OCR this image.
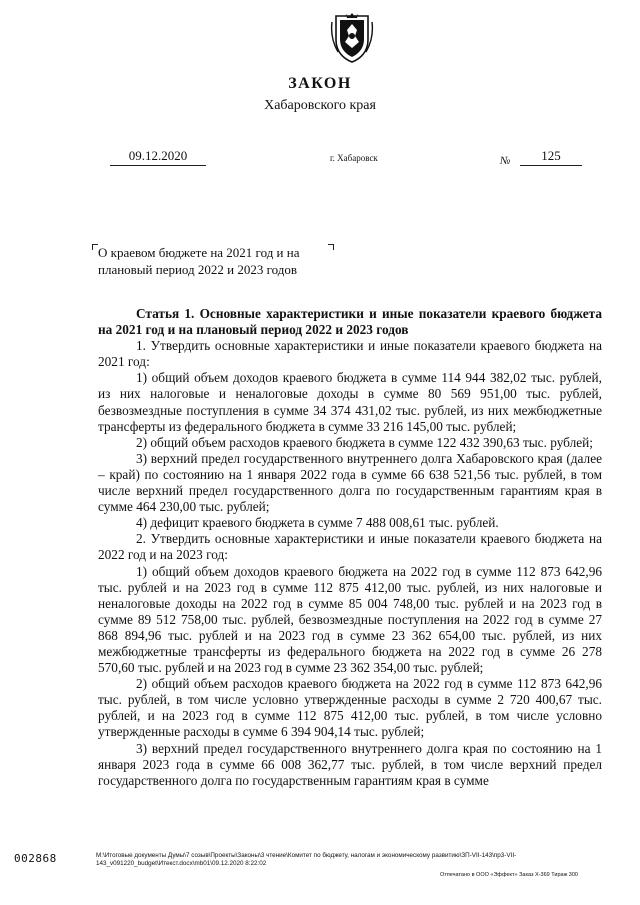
ЗАКОН
Хабаровского края
09.12.2020	г. Хабаровск	№	125
О краевом бюджете на 2021 год и на
плановый период 2022 и 2023 годов

Статья 1. Основные характеристики и иные показатели краевого бюджета на 2021 год и на плановый период 2022 и 2023 годов

1. Утвердить основные характеристики и иные показатели краевого бюджета на 2021 год:

1) общий объем доходов краевого бюджета в сумме 114 944 382,02 тыс. рублей, из них налоговые и неналоговые доходы в сумме 80 569 951,00 тыс. рублей, безвозмездные поступления в сумме 34 374 431,02 тыс. рублей, из них межбюджетные трансферты из федерального бюджета в сумме 33 216 145,00 тыс. рублей;

2) общий объем расходов краевого бюджета в сумме 122 432 390,63 тыс. рублей;

3) верхний предел государственного внутреннего долга Хабаровского края (далее – край) по состоянию на 1 января 2022 года в сумме 66 638 521,56 тыс. рублей, в том числе верхний предел государственного долга по государственным гарантиям края в сумме 464 230,00 тыс. рублей;

4) дефицит краевого бюджета в сумме 7 488 008,61 тыс. рублей.

2. Утвердить основные характеристики и иные показатели краевого бюджета на 2022 год и на 2023 год:

1) общий объем доходов краевого бюджета на 2022 год в сумме 112 873 642,96 тыс. рублей и на 2023 год в сумме 112 875 412,00 тыс. рублей, из них налоговые и неналоговые доходы на 2022 год в сумме 85 004 748,00 тыс. рублей и на 2023 год в сумме 89 512 758,00 тыс. рублей, безвозмездные поступления на 2022 год в сумме 27 868 894,96 тыс. рублей и на 2023 год в сумме 23 362 654,00 тыс. рублей, из них межбюджетные трансферты из федерального бюджета на 2022 год в сумме 26 278 570,60 тыс. рублей и на 2023 год в сумме 23 362 354,00 тыс. рублей;

2) общий объем расходов краевого бюджета на 2022 год в сумме 112 873 642,96 тыс. рублей, в том числе условно утвержденные расходы в сумме 2 720 400,67 тыс. рублей, и на 2023 год в сумме 112 875 412,00 тыс. рублей, в том числе условно утвержденные расходы в сумме 6 394 904,14 тыс. рублей;

3) верхний предел государственного внутреннего долга края по состоянию на 1 января 2023 года в сумме 66 008 362,77 тыс. рублей, в том числе верхний предел государственного долга по государственным гарантиям края в сумме

002868	М:\Итоговые документы Думы\7 созыв\Проекты\Законы\3 чтение\Комитет по бюджету, налогам и экономическому развитию\ЗП-VII-143\пр3-VII-143_v091220_budget\Итекст.docx\mb01\09.12.2020 8:22:02
Отпечатано в ООО «Эффект» Заказ Х-369 Тираж 300
